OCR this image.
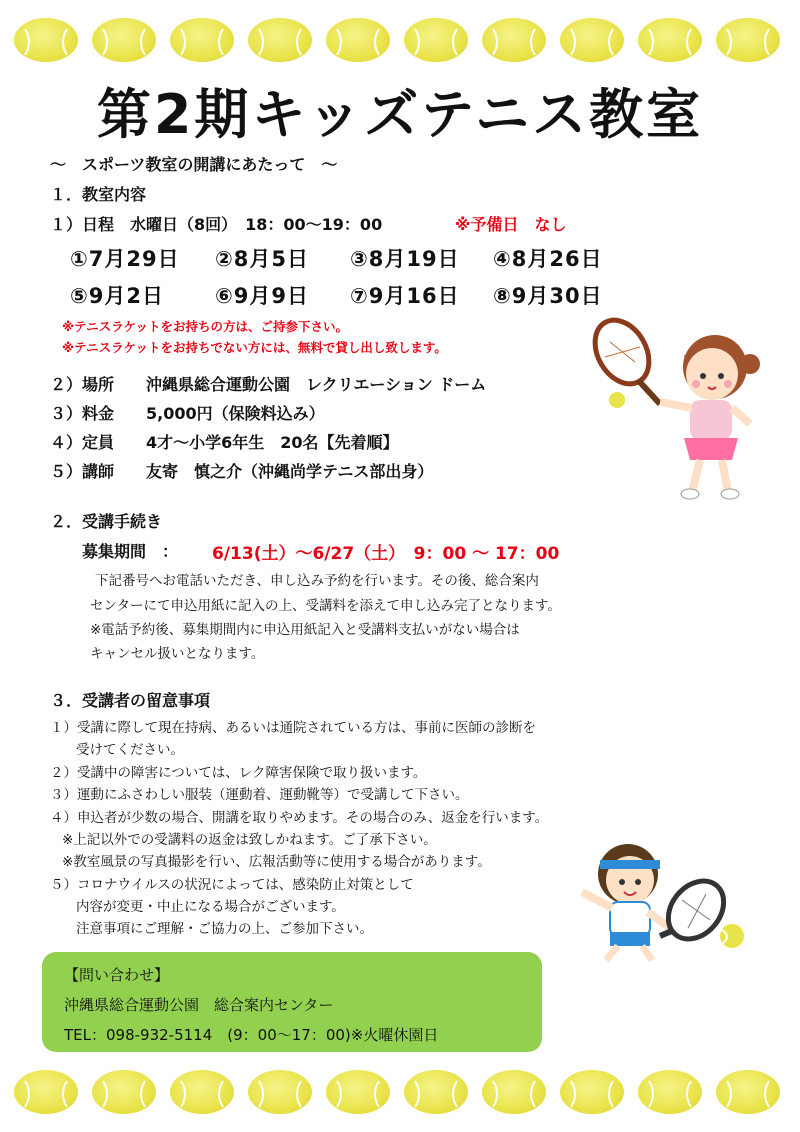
第2期キッズテニス教室
～　スポーツ教室の開講にあたって　～
１．教室内容
１）日程　水曜日（8回）　18：00～19：00	※予備日　なし
①7月29日 ②8月5日 ③8月19日 ④8月26日
⑤9月2日 ⑥9月9日 ⑦9月16日 ⑧9月30日
※テニスラケットをお持ちの方は、ご持参下さい。
※テニスラケットをお持ちでない方には、無料で貸し出し致します。
２）場所　　沖縄県総合運動公園　レクリエーション ドーム
３）料金　　5,000円（保険料込み）
４）定員　　4才～小学6年生　20名【先着順】
５）講師　　友寄　慎之介（沖縄尚学テニス部出身）
２．受講手続き
募集期間　： 6/13(土）～6/27（土）　9：00 ～ 17：00
下記番号へお電話いただき、申し込み予約を行います。その後、総合案内
センターにて申込用紙に記入の上、受講料を添えて申し込み完了となります。
※電話予約後、募集期間内に申込用紙記入と受講料支払いがない場合は
キャンセル扱いとなります。
３．受講者の留意事項
１）受講に際して現在持病、あるいは通院されている方は、事前に医師の診断を
受けてください。
２）受講中の障害については、レク障害保険で取り扱います。
３）運動にふさわしい服装（運動着、運動靴等）で受講して下さい。
４）申込者が少数の場合、開講を取りやめます。その場合のみ、返金を行います。
※上記以外での受講料の返金は致しかねます。ご了承下さい。
※教室風景の写真撮影を行い、広報活動等に使用する場合があります。
５）コロナウイルスの状況によっては、感染防止対策として
内容が変更・中止になる場合がございます。
注意事項にご理解・ご協力の上、ご参加下さい。
【問い合わせ】
沖縄県総合運動公園　総合案内センター
TEL：098-932-5114　(9：00～17：00)※火曜休園日
